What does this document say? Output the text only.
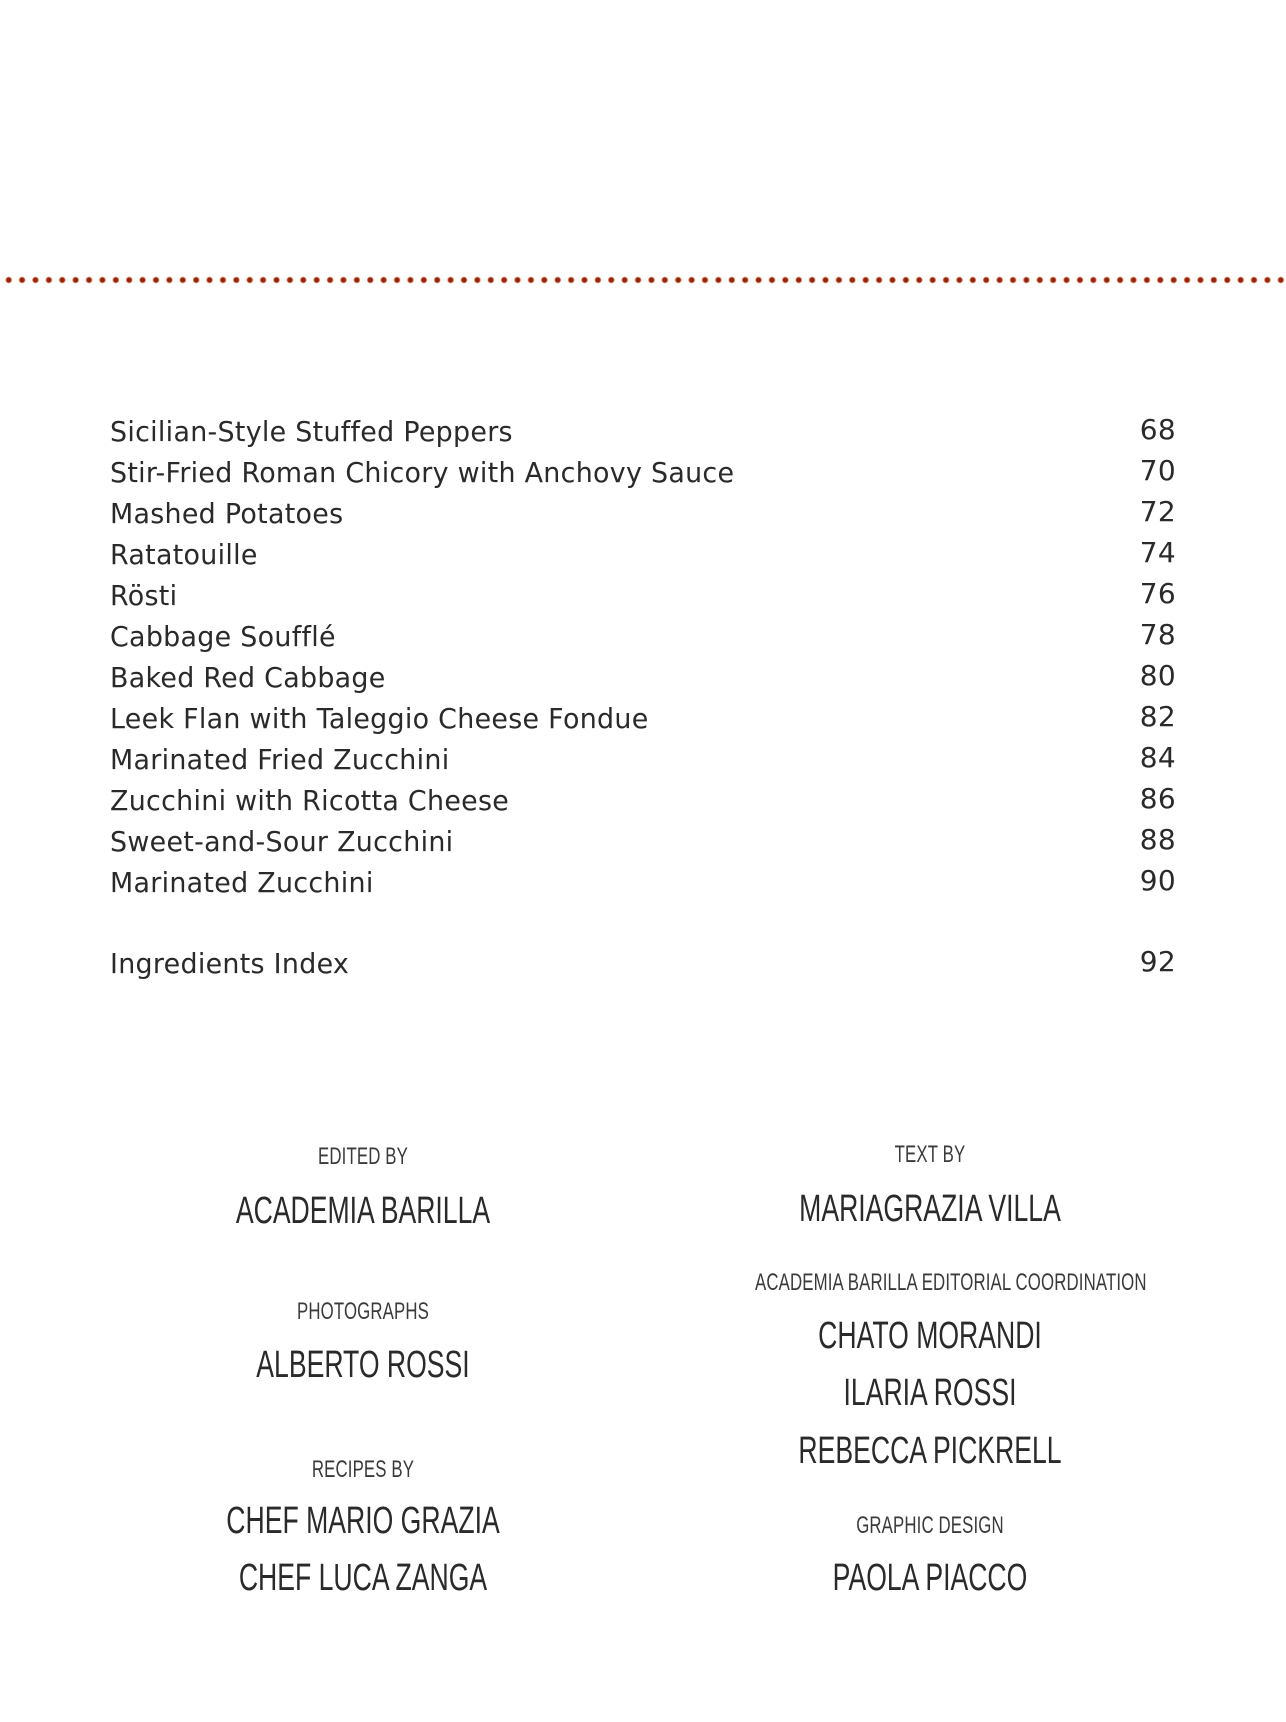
Sicilian-Style Stuffed Peppers	68
Stir-Fried Roman Chicory with Anchovy Sauce	70
Mashed Potatoes	72
Ratatouille	74
Rösti	76
Cabbage Soufflé	78
Baked Red Cabbage	80
Leek Flan with Taleggio Cheese Fondue	82
Marinated Fried Zucchini	84
Zucchini with Ricotta Cheese	86
Sweet-and-Sour Zucchini	88
Marinated Zucchini	90
Ingredients Index	92
EDITED BY
ACADEMIA BARILLA
PHOTOGRAPHS
ALBERTO ROSSI
RECIPES BY
CHEF MARIO GRAZIA
CHEF LUCA ZANGA
TEXT BY
MARIAGRAZIA VILLA
ACADEMIA BARILLA EDITORIAL COORDINATION
CHATO MORANDI
ILARIA ROSSI
REBECCA PICKRELL
GRAPHIC DESIGN
PAOLA PIACCO
